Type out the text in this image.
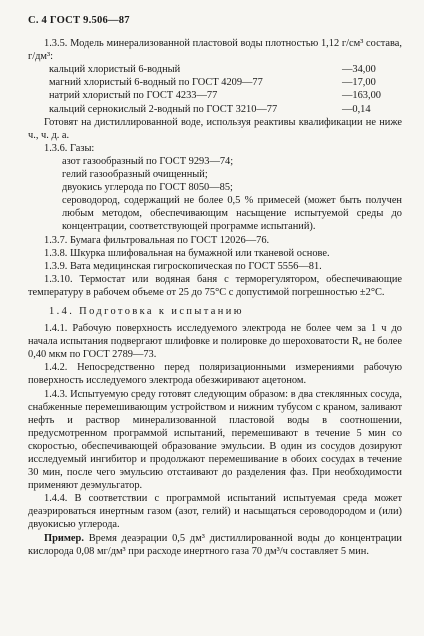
С. 4 ГОСТ 9.506—87

1.3.5. Модель минерализованной пластовой воды плотностью 1,12 г/см³ состава, г/дм³:

кальций хлористый 6-водный	—34,00
магний хлористый 6-водный по ГОСТ 4209—77	—17,00
натрий хлористый по ГОСТ 4233—77	—163,00
кальций сернокислый 2-водный по ГОСТ 3210—77	—0,14

Готовят на дистиллированной воде, используя реактивы квалификации не ниже ч., ч. д. а.

1.3.6. Газы:

азот газообразный по ГОСТ 9293—74;

гелий газообразный очищенный;

двуокись углерода по ГОСТ 8050—85;

сероводород, содержащий не более 0,5 % примесей (может быть получен любым методом, обеспечивающим насыщение испытуемой среды до концентрации, соответствующей программе испытаний).

1.3.7. Бумага фильтровальная по ГОСТ 12026—76.

1.3.8. Шкурка шлифовальная на бумажной или тканевой основе.

1.3.9. Вата медицинская гигроскопическая по ГОСТ 5556—81.

1.3.10. Термостат или водяная баня с терморегулятором, обеспечивающие температуру в рабочем объеме от 25 до 75°С с допустимой погрешностью ±2°С.

1.4. Подготовка к испытанию

1.4.1. Рабочую поверхность исследуемого электрода не более чем за 1 ч до начала испытания подвергают шлифовке и полировке до шероховатости Rₐ не более 0,40 мкм по ГОСТ 2789—73.

1.4.2. Непосредственно перед поляризационными измерениями рабочую поверхность исследуемого электрода обезжиривают ацетоном.

1.4.3. Испытуемую среду готовят следующим образом: в два стеклянных сосуда, снабженные перемешивающим устройством и нижним тубусом с краном, заливают нефть и раствор минерализованной пластовой воды в соотношении, предусмотренном программой испытаний, перемешивают в течение 5 мин со скоростью, обеспечивающей образование эмульсии. В один из сосудов дозируют исследуемый ингибитор и продолжают перемешивание в обоих сосудах в течение 30 мин, после чего эмульсию отстаивают до разделения фаз. При необходимости применяют деэмульгатор.

1.4.4. В соответствии с программой испытаний испытуемая среда может деаэрироваться инертным газом (азот, гелий) и насыщаться сероводородом и (или) двуокисью углерода.

Пример. Время деаэрации 0,5 дм³ дистиллированной воды до концентрации кислорода 0,08 мг/дм³ при расходе инертного газа 70 дм³/ч составляет 5 мин.
